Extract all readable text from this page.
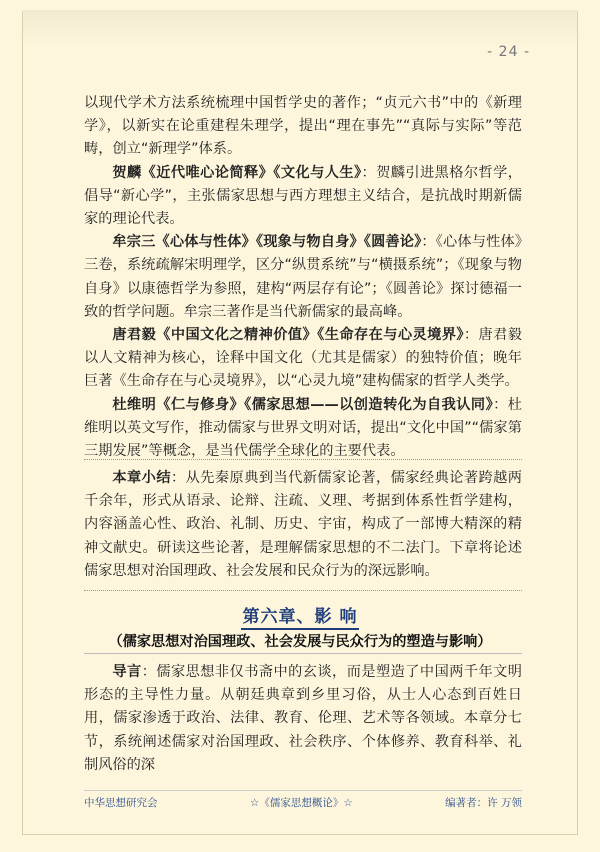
- 24 -

以现代学术方法系统梳理中国哲学史的著作；“贞元六书”中的《新理学》，以新实在论重建程朱理学，提出“理在事先”“真际与实际”等范畴，创立“新理学”体系。

贺麟《近代唯心论简释》《文化与人生》：贺麟引进黑格尔哲学，倡导“新心学”，主张儒家思想与西方理想主义结合，是抗战时期新儒家的理论代表。

牟宗三《心体与性体》《现象与物自身》《圆善论》：《心体与性体》三卷，系统疏解宋明理学，区分“纵贯系统”与“横摄系统”；《现象与物自身》以康德哲学为参照，建构“两层存有论”；《圆善论》探讨德福一致的哲学问题。牟宗三著作是当代新儒家的最高峰。

唐君毅《中国文化之精神价值》《生命存在与心灵境界》：唐君毅以人文精神为核心，诠释中国文化（尤其是儒家）的独特价值；晚年巨著《生命存在与心灵境界》，以“心灵九境”建构儒家的哲学人类学。

杜维明《仁与修身》《儒家思想——以创造转化为自我认同》：杜维明以英文写作，推动儒家与世界文明对话，提出“文化中国”“儒家第三期发展”等概念，是当代儒学全球化的主要代表。

本章小结：从先秦原典到当代新儒家论著，儒家经典论著跨越两千余年，形式从语录、论辩、注疏、义理、考据到体系性哲学建构，内容涵盖心性、政治、礼制、历史、宇宙，构成了一部博大精深的精神文献史。研读这些论著，是理解儒家思想的不二法门。下章将论述儒家思想对治国理政、社会发展和民众行为的深远影响。

第六章、影 响
（儒家思想对治国理政、社会发展与民众行为的塑造与影响）

导言：儒家思想非仅书斋中的玄谈，而是塑造了中国两千年文明形态的主导性力量。从朝廷典章到乡里习俗，从士人心态到百姓日用，儒家渗透于政治、法律、教育、伦理、艺术等各领域。本章分七节，系统阐述儒家对治国理政、社会秩序、个体修养、教育科举、礼制风俗的深

中华思想研究会	☆《儒家思想概论》☆	编著者：许 万领
